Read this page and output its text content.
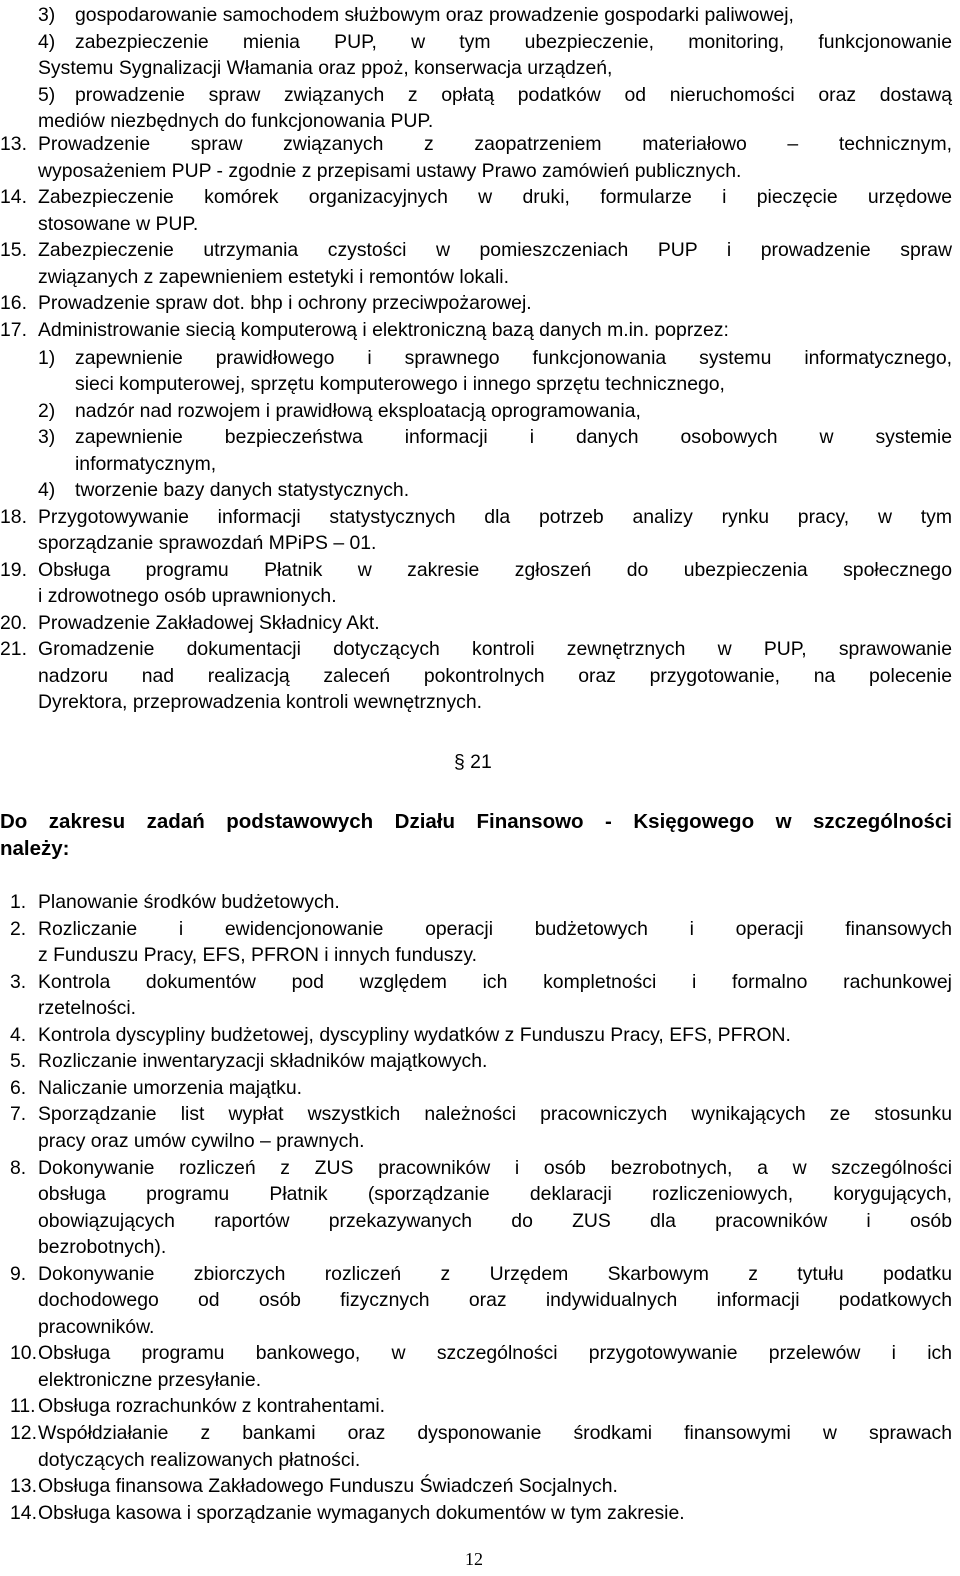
3) gospodarowanie samochodem służbowym oraz prowadzenie gospodarki paliwowej,
4) zabezpieczenie mienia PUP, w tym ubezpieczenie, monitoring, funkcjonowanie
Systemu Sygnalizacji Włamania oraz ppoż, konserwacja urządzeń,
5) prowadzenie spraw związanych z opłatą podatków od nieruchomości oraz dostawą
mediów niezbędnych do funkcjonowania PUP.
13. Prowadzenie spraw związanych z zaopatrzeniem materiałowo – technicznym,
wyposażeniem PUP - zgodnie z przepisami ustawy Prawo zamówień publicznych.
14. Zabezpieczenie komórek organizacyjnych w druki, formularze i pieczęcie urzędowe
stosowane w PUP.
15. Zabezpieczenie utrzymania czystości w pomieszczeniach PUP i prowadzenie spraw
związanych z zapewnieniem estetyki i remontów lokali.
16. Prowadzenie spraw dot. bhp i ochrony przeciwpożarowej.
17. Administrowanie siecią komputerową i elektroniczną bazą danych m.in. poprzez:
1) zapewnienie prawidłowego i sprawnego funkcjonowania systemu informatycznego,
sieci komputerowej, sprzętu komputerowego i innego sprzętu technicznego,
2) nadzór nad rozwojem i prawidłową eksploatacją oprogramowania,
3) zapewnienie bezpieczeństwa informacji i danych osobowych w systemie
informatycznym,
4) tworzenie bazy danych statystycznych.
18. Przygotowywanie informacji statystycznych dla potrzeb analizy rynku pracy, w tym
sporządzanie sprawozdań MPiPS – 01.
19. Obsługa programu Płatnik w zakresie zgłoszeń do ubezpieczenia społecznego
i zdrowotnego osób uprawnionych.
20. Prowadzenie Zakładowej Składnicy Akt.
21. Gromadzenie dokumentacji dotyczących kontroli zewnętrznych w PUP, sprawowanie
nadzoru nad realizacją zaleceń pokontrolnych oraz przygotowanie, na polecenie
Dyrektora, przeprowadzenia kontroli wewnętrznych.
§ 21
Do zakresu zadań podstawowych Działu Finansowo - Księgowego w szczególności
należy:
1. Planowanie środków budżetowych.
2. Rozliczanie i ewidencjonowanie operacji budżetowych i operacji finansowych
z Funduszu Pracy, EFS, PFRON i innych funduszy.
3. Kontrola dokumentów pod względem ich kompletności i formalno rachunkowej
rzetelności.
4. Kontrola dyscypliny budżetowej, dyscypliny wydatków z Funduszu Pracy, EFS, PFRON.
5. Rozliczanie inwentaryzacji składników majątkowych.
6. Naliczanie umorzenia majątku.
7. Sporządzanie list wypłat wszystkich należności pracowniczych wynikających ze stosunku
pracy oraz umów cywilno – prawnych.
8. Dokonywanie rozliczeń z ZUS pracowników i osób bezrobotnych, a w szczególności
obsługa programu Płatnik (sporządzanie deklaracji rozliczeniowych, korygujących,
obowiązujących raportów przekazywanych do ZUS dla pracowników i osób
bezrobotnych).
9. Dokonywanie zbiorczych rozliczeń z Urzędem Skarbowym z tytułu podatku
dochodowego od osób fizycznych oraz indywidualnych informacji podatkowych
pracowników.
10. Obsługa programu bankowego, w szczególności przygotowywanie przelewów i ich
elektroniczne przesyłanie.
11. Obsługa rozrachunków z kontrahentami.
12. Współdziałanie z bankami oraz dysponowanie środkami finansowymi w sprawach
dotyczących realizowanych płatności.
13. Obsługa finansowa Zakładowego Funduszu Świadczeń Socjalnych.
14. Obsługa kasowa i sporządzanie wymaganych dokumentów w tym zakresie.
12
